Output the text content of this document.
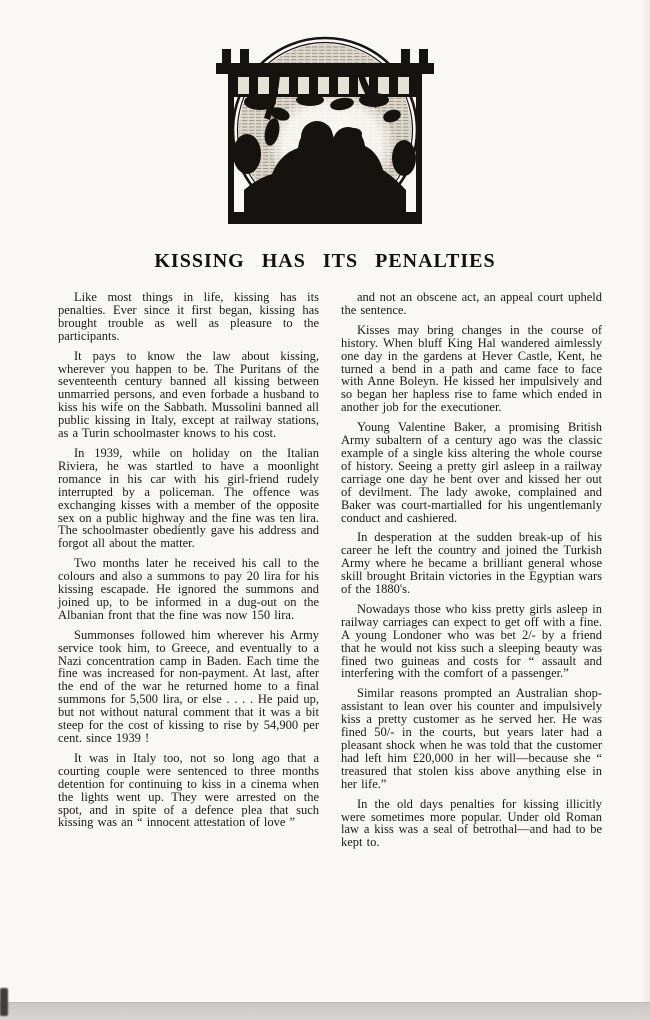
KISSING HAS ITS PENALTIES

Like most things in life, kissing has its penalties. Ever since it first began, kissing has brought trouble as well as pleasure to the participants.

It pays to know the law about kissing, wherever you happen to be. The Puritans of the seventeenth century banned all kissing between unmarried persons, and even forbade a husband to kiss his wife on the Sabbath. Mussolini banned all public kissing in Italy, except at railway stations, as a Turin schoolmaster knows to his cost.

In 1939, while on holiday on the Italian Riviera, he was startled to have a moonlight romance in his car with his girl-friend rudely interrupted by a policeman. The offence was exchanging kisses with a member of the opposite sex on a public highway and the fine was ten lira. The schoolmaster obediently gave his address and forgot all about the matter.

Two months later he received his call to the colours and also a summons to pay 20 lira for his kissing escapade. He ignored the summons and joined up, to be informed in a dug-out on the Albanian front that the fine was now 150 lira.

Summonses followed him wherever his Army service took him, to Greece, and eventually to a Nazi concentration camp in Baden. Each time the fine was increased for non-payment. At last, after the end of the war he returned home to a final summons for 5,500 lira, or else . . . . He paid up, but not without natural comment that it was a bit steep for the cost of kissing to rise by 54,900 per cent. since 1939 !

It was in Italy too, not so long ago that a courting couple were sentenced to three months detention for continuing to kiss in a cinema when the lights went up. They were arrested on the spot, and in spite of a defence plea that such kissing was an “ innocent attestation of love ”

and not an obscene act, an appeal court upheld the sentence.

Kisses may bring changes in the course of history. When bluff King Hal wandered aimlessly one day in the gardens at Hever Castle, Kent, he turned a bend in a path and came face to face with Anne Boleyn. He kissed her impulsively and so began her hapless rise to fame which ended in another job for the executioner.

Young Valentine Baker, a promising British Army subaltern of a century ago was the classic example of a single kiss altering the whole course of history. Seeing a pretty girl asleep in a railway carriage one day he bent over and kissed her out of devilment. The lady awoke, complained and Baker was court-martialled for his ungentlemanly conduct and cashiered.

In desperation at the sudden break-up of his career he left the country and joined the Turkish Army where he became a brilliant general whose skill brought Britain victories in the Egyptian wars of the 1880's.

Nowadays those who kiss pretty girls asleep in railway carriages can expect to get off with a fine. A young Londoner who was bet 2/- by a friend that he would not kiss such a sleeping beauty was fined two guineas and costs for “ assault and interfering with the comfort of a passenger.”

Similar reasons prompted an Australian shop-assistant to lean over his counter and impulsively kiss a pretty customer as he served her. He was fined 50/- in the courts, but years later had a pleasant shock when he was told that the customer had left him £20,000 in her will—because she “ treasured that stolen kiss above anything else in her life.”

In the old days penalties for kissing illicitly were sometimes more popular. Under old Roman law a kiss was a seal of betrothal—and had to be kept to.
